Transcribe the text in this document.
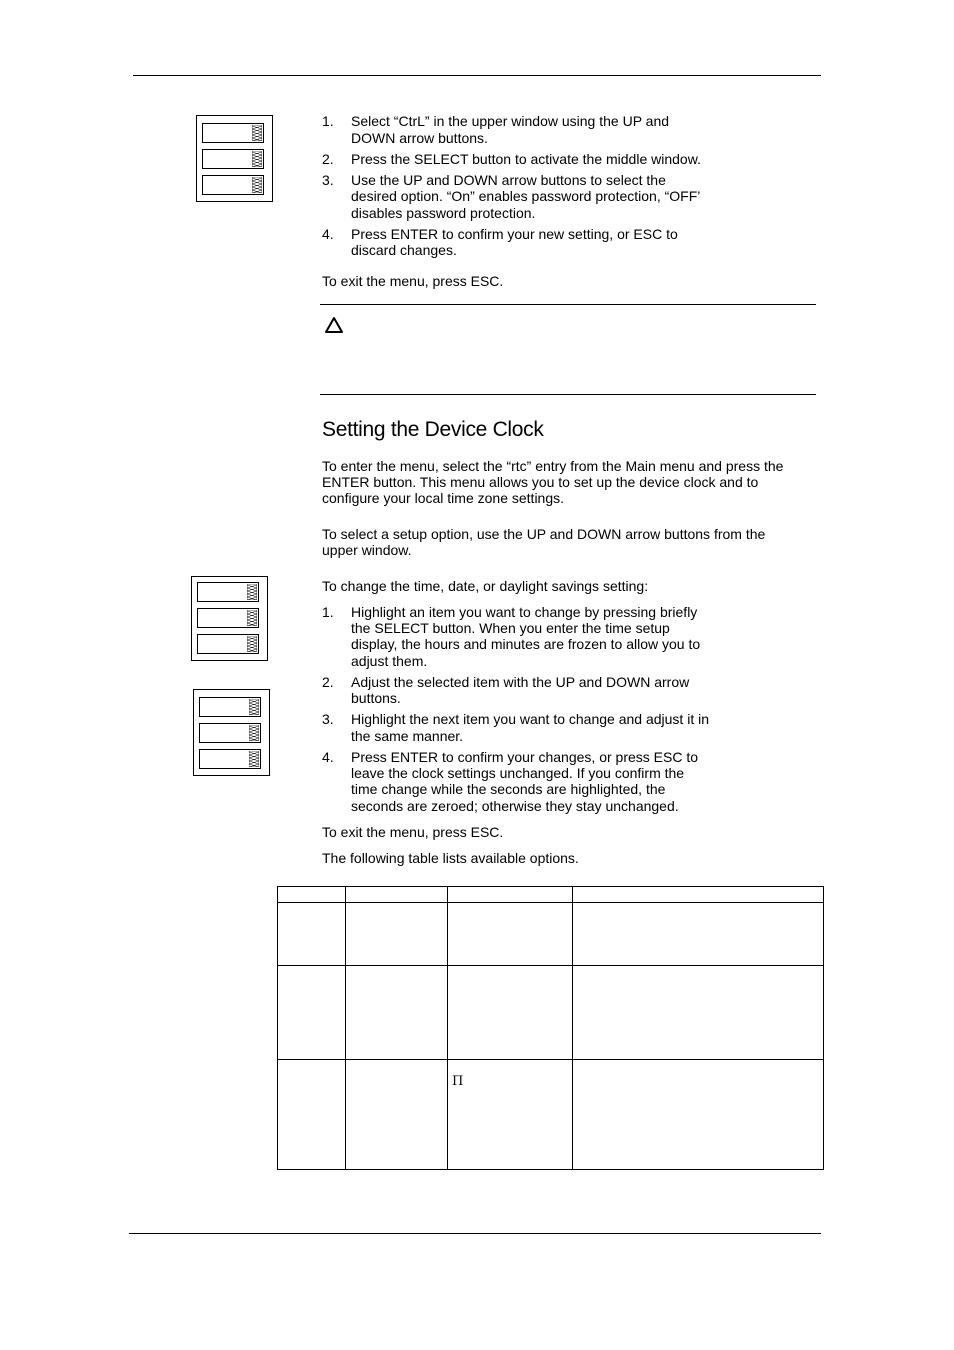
1.	Select “CtrL” in the upper window using the UP and
DOWN arrow buttons.
2.	Press the SELECT button to activate the middle window.
3.	Use the UP and DOWN arrow buttons to select the
desired option. “On” enables password protection, “OFF’
disables password protection.
4.	Press ENTER to confirm your new setting, or ESC to
discard changes.
To exit the menu, press ESC.
Setting the Device Clock
To enter the menu, select the “rtc” entry from the Main menu and press the
ENTER button. This menu allows you to set up the device clock and to
configure your local time zone settings.
To select a setup option, use the UP and DOWN arrow buttons from the
upper window.
To change the time, date, or daylight savings setting:
1.	Highlight an item you want to change by pressing briefly
the SELECT button. When you enter the time setup
display, the hours and minutes are frozen to allow you to
adjust them.
2.	Adjust the selected item with the UP and DOWN arrow
buttons.
3.	Highlight the next item you want to change and adjust it in
the same manner.
4.	Press ENTER to confirm your changes, or press ESC to
leave the clock settings unchanged. If you confirm the
time change while the seconds are highlighted, the
seconds are zeroed; otherwise they stay unchanged.
To exit the menu, press ESC.
The following table lists available options.

		Π	
